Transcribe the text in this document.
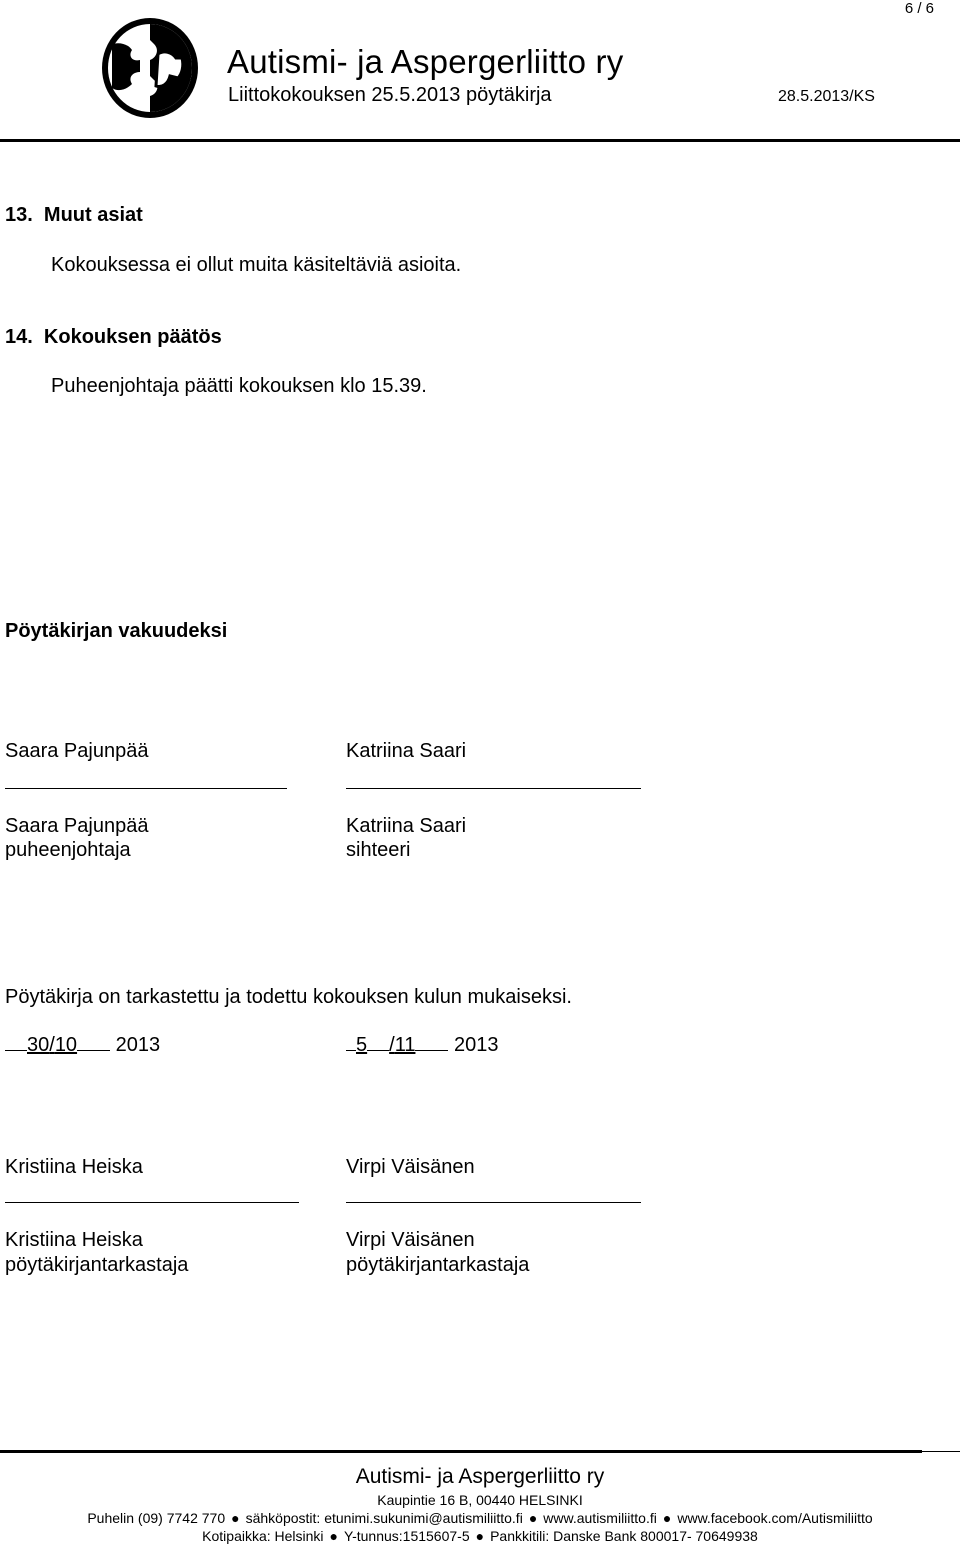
6 / 6
Autismi- ja Aspergerliitto ry
Liittokokouksen 25.5.2013 pöytäkirja	28.5.2013/KS
13.  Muut asiat
Kokouksessa ei ollut muita käsiteltäviä asioita.
14.  Kokouksen päätös
Puheenjohtaja päätti kokouksen klo 15.39.
Pöytäkirjan vakuudeksi
Saara Pajunpää
Saara Pajunpää
puheenjohtaja
Katriina Saari
Katriina Saari
sihteeri
Pöytäkirja on tarkastettu ja todettu kokouksen kulun mukaiseksi.
30/10 2013	5 /11 2013
Kristiina Heiska
Kristiina Heiska
pöytäkirjantarkastaja
Virpi Väisänen
Virpi Väisänen
pöytäkirjantarkastaja
Autismi- ja Aspergerliitto ry
Kaupintie 16 B, 00440 HELSINKI
Puhelin (09) 7742 770 ● sähköpostit: etunimi.sukunimi@autismiliitto.fi ● www.autismiliitto.fi ● www.facebook.com/Autismiliitto
Kotipaikka: Helsinki ● Y-tunnus:1515607-5 ● Pankkitili: Danske Bank 800017- 70649938
